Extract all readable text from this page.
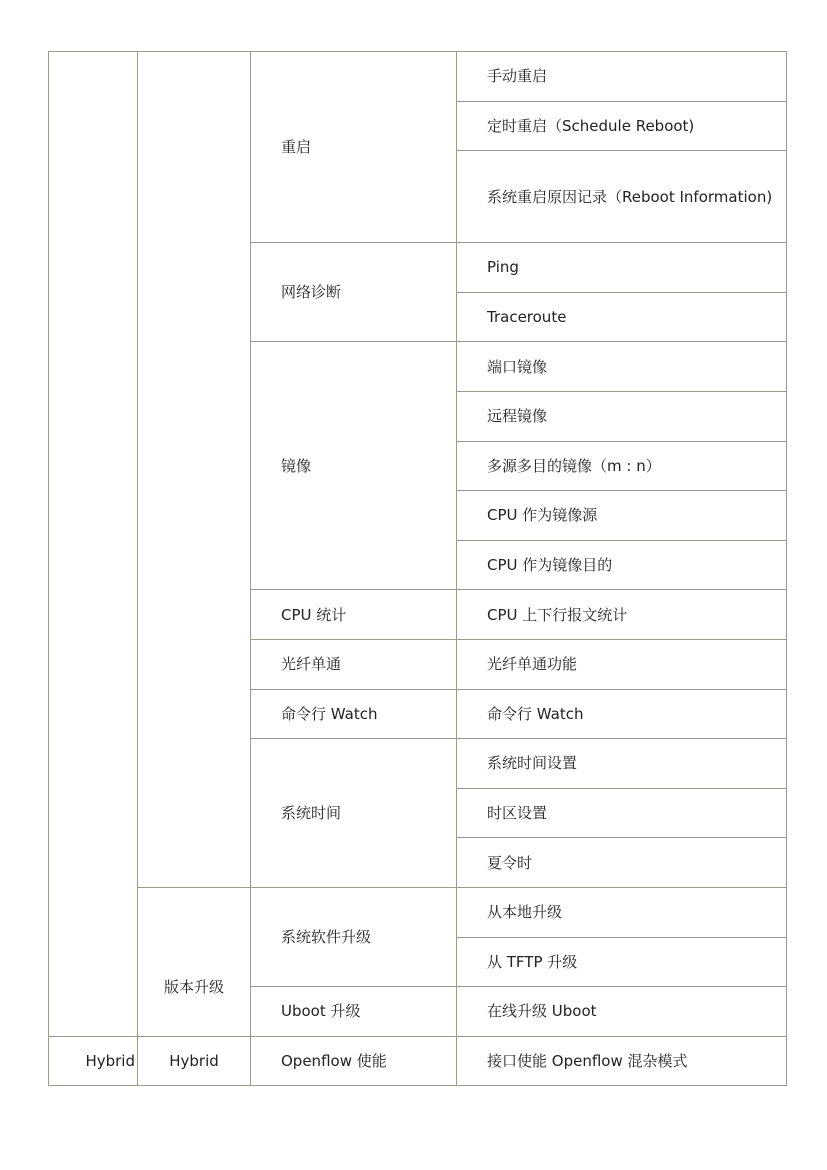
		重启	手动重启
			定时重启（Schedule Reboot)
			系统重启原因记录（Reboot Information)
		网络诊断	Ping
			Traceroute
		镜像	端口镜像
			远程镜像
			多源多目的镜像（m : n）
			CPU 作为镜像源
			CPU 作为镜像目的
		CPU 统计	CPU 上下行报文统计
		光纤单通	光纤单通功能
		命令行 Watch	命令行 Watch
		系统时间	系统时间设置
			时区设置
			夏令时
	版本升级	系统软件升级	从本地升级
			从 TFTP 升级
		Uboot 升级	在线升级 Uboot
Hybrid	Hybrid	Openflow 使能	接口使能 Openflow 混杂模式
